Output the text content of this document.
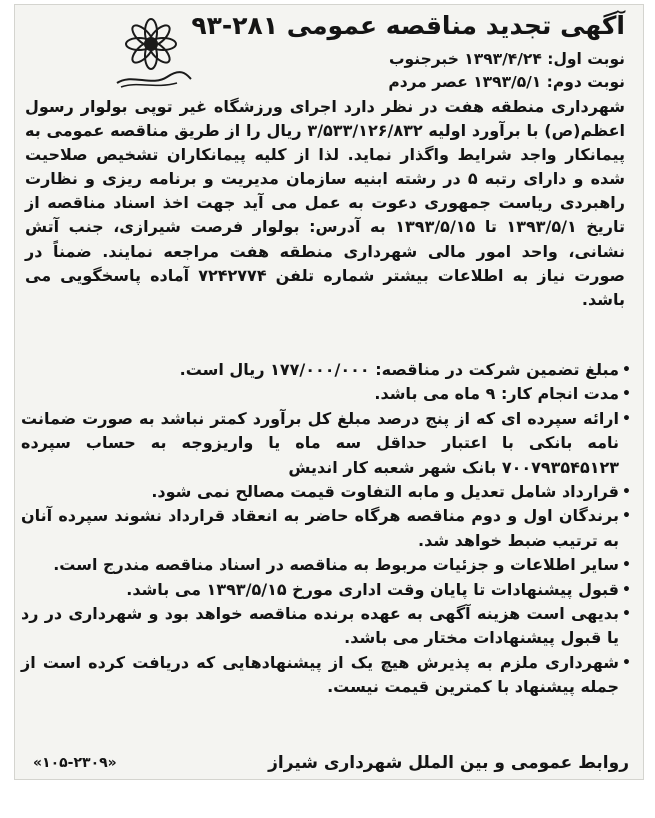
آگهی تجدید مناقصه عمومی ۲۸۱-۹۳
نوبت اول: ۱۳۹۳/۴/۲۴ خبرجنوب
نوبت دوم: ۱۳۹۳/۵/۱ عصر مردم

شهرداری منطقه هفت در نظر دارد اجرای ورزشگاه غیر توپی بولوار رسول اعظم(ص) با برآورد اولیه ۳/۵۳۳/۱۲۶/۸۳۲ ریال را از طریق مناقصه عمومی به پیمانکار واجد شرایط واگذار نماید. لذا از کلیه پیمانکاران تشخیص صلاحیت شده و دارای رتبه ۵ در رشته ابنیه سازمان مدیریت و برنامه ریزی و نظارت راهبردی ریاست جمهوری دعوت به عمل می آید جهت اخذ اسناد مناقصه از تاریخ ۱۳۹۳/۵/۱ تا ۱۳۹۳/۵/۱۵ به آدرس: بولوار فرصت شیرازی، جنب آتش نشانی، واحد امور مالی شهرداری منطقه هفت مراجعه نمایند. ضمناً در صورت نیاز به اطلاعات بیشتر شماره تلفن ۷۲۴۲۷۷۴ آماده پاسخگویی می باشد.

•
مبلغ تضمین شرکت در مناقصه: ۱۷۷/۰۰۰/۰۰۰ ریال است.
•
مدت انجام کار: ۹ ماه می باشد.
•
ارائه سپرده ای که از پنج درصد مبلغ کل برآورد کمتر نباشد به صورت ضمانت نامه بانکی با اعتبار حداقل سه ماه یا واریزوجه به حساب سپرده ۷۰۰۷۹۳۵۴۵۱۲۳ بانک شهر شعبه کار اندیش
•
قرارداد شامل تعدیل و مابه التفاوت قیمت مصالح نمی شود.
•
برندگان اول و دوم مناقصه هرگاه حاضر به انعقاد قرارداد نشوند سپرده آنان به ترتیب ضبط خواهد شد.
•
سایر اطلاعات و جزئیات مربوط به مناقصه در اسناد مناقصه مندرج است.
•
قبول پیشنهادات تا پایان وقت اداری مورخ ۱۳۹۳/۵/۱۵ می باشد.
•
بدیهی است هزینه آگهی به عهده برنده مناقصه خواهد بود و شهرداری در رد یا قبول پیشنهادات مختار می باشد.
•
شهرداری ملزم به پذیرش هیچ یک از پیشنهادهایی که دریافت کرده است از جمله پیشنهاد با کمترین قیمت نیست.
روابط عمومی و بین الملل شهرداری شیراز
«۱۰۵-۲۳۰۹»
